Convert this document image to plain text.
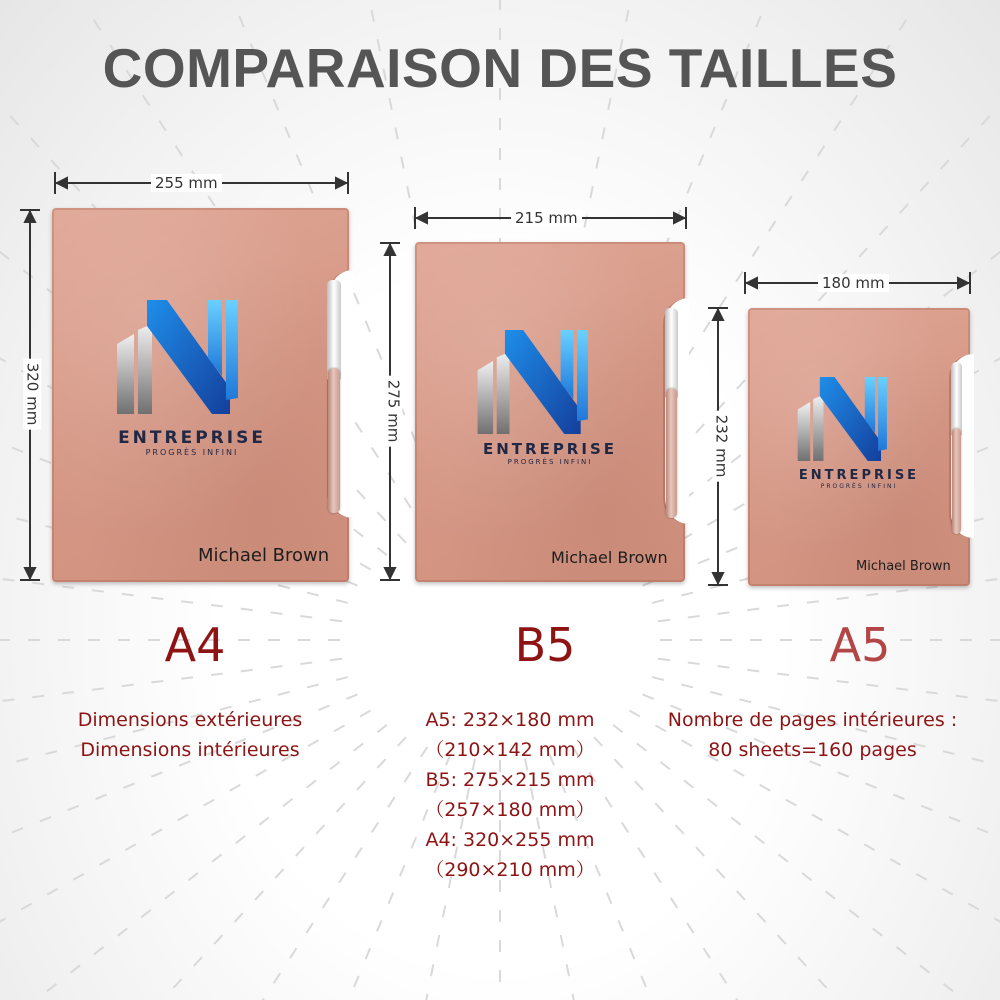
COMPARAISON DES TAILLES
255 mm
320 mm
ENTREPRISE
PROGRÈS INFINI
Michael Brown
A4
215 mm
275 mm
ENTREPRISE
PROGRÈS INFINI
Michael Brown
B5
180 mm
232 mm	ENTREPRISE
PROGRÈS INFINI
Michael Brown
A5
Dimensions extérieures
Dimensions intérieures
A5: 232×180 mm
（210×142 mm）
B5: 275×215 mm
（257×180 mm）
A4: 320×255 mm
（290×210 mm）
Nombre de pages intérieures :
80 sheets=160 pages
